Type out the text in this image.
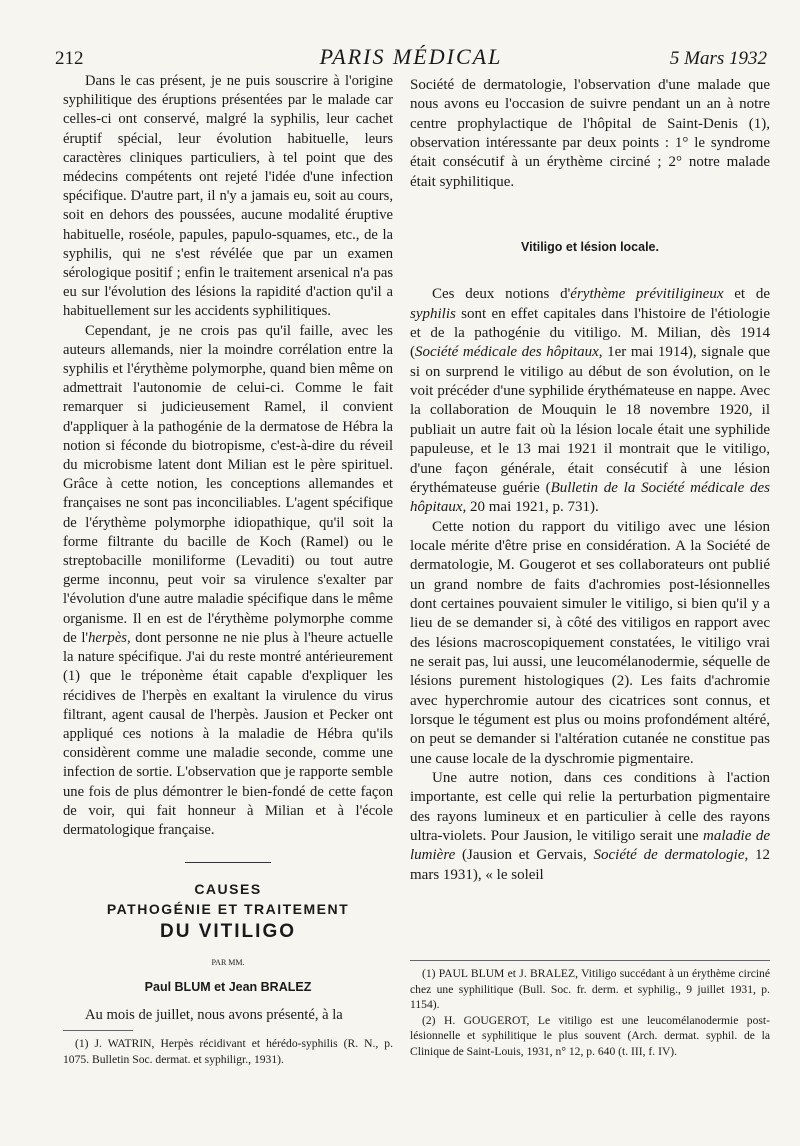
212	PARIS MÉDICAL	5 Mars 1932

Dans le cas présent, je ne puis souscrire à l'origine syphilitique des éruptions présentées par le malade car celles-ci ont conservé, malgré la syphilis, leur cachet éruptif spécial, leur évolution habituelle, leurs caractères cliniques particuliers, à tel point que des médecins compétents ont rejeté l'idée d'une infection spécifique. D'autre part, il n'y a jamais eu, soit au cours, soit en dehors des poussées, aucune modalité éruptive habituelle, roséole, papules, papulo-squames, etc., de la syphilis, qui ne s'est révélée que par un examen sérologique positif ; enfin le traitement arsenical n'a pas eu sur l'évolution des lésions la rapidité d'action qu'il a habituellement sur les accidents syphilitiques.

Cependant, je ne crois pas qu'il faille, avec les auteurs allemands, nier la moindre corrélation entre la syphilis et l'érythème polymorphe, quand bien même on admettrait l'autonomie de celui-ci. Comme le fait remarquer si judicieusement Ramel, il convient d'appliquer à la pathogénie de la dermatose de Hébra la notion si féconde du biotropisme, c'est-à-dire du réveil du microbisme latent dont Milian est le père spirituel. Grâce à cette notion, les conceptions allemandes et françaises ne sont pas inconciliables. L'agent spécifique de l'érythème polymorphe idiopathique, qu'il soit la forme filtrante du bacille de Koch (Ramel) ou le streptobacille moniliforme (Levaditi) ou tout autre germe inconnu, peut voir sa virulence s'exalter par l'évolution d'une autre maladie spécifique dans le même organisme. Il en est de l'érythème polymorphe comme de l'herpès, dont personne ne nie plus à l'heure actuelle la nature spécifique. J'ai du reste montré antérieurement (1) que le tréponème était capable d'expliquer les récidives de l'herpès en exaltant la virulence du virus filtrant, agent causal de l'herpès. Jausion et Pecker ont appliqué ces notions à la maladie de Hébra qu'ils considèrent comme une maladie seconde, comme une infection de sortie. L'observation que je rapporte semble une fois de plus démontrer le bien-fondé de cette façon de voir, qui fait honneur à Milian et à l'école dermatologique française.

CAUSES
PATHOGÉNIE ET TRAITEMENT
DU VITILIGO
PAR MM.
Paul BLUM et Jean BRALEZ

Au mois de juillet, nous avons présenté, à la

(1) J. WATRIN, Herpès récidivant et hérédo-syphilis (R. N., p. 1075. Bulletin Soc. dermat. et syphiligr., 1931).

Société de dermatologie, l'observation d'une malade que nous avons eu l'occasion de suivre pendant un an à notre centre prophylactique de l'hôpital de Saint-Denis (1), observation intéressante par deux points : 1° le syndrome était consécutif à un érythème circiné ; 2° notre malade était syphilitique.

Vitiligo et lésion locale.

Ces deux notions d'érythème prévitiligineux et de syphilis sont en effet capitales dans l'histoire de l'étiologie et de la pathogénie du vitiligo. M. Milian, dès 1914 (Société médicale des hôpitaux, 1er mai 1914), signale que si on surprend le vitiligo au début de son évolution, on le voit précéder d'une syphilide érythémateuse en nappe. Avec la collaboration de Mouquin le 18 novembre 1920, il publiait un autre fait où la lésion locale était une syphilide papuleuse, et le 13 mai 1921 il montrait que le vitiligo, d'une façon générale, était consécutif à une lésion érythémateuse guérie (Bulletin de la Société médicale des hôpitaux, 20 mai 1921, p. 731).

Cette notion du rapport du vitiligo avec une lésion locale mérite d'être prise en considération. A la Société de dermatologie, M. Gougerot et ses collaborateurs ont publié un grand nombre de faits d'achromies post-lésionnelles dont certaines pouvaient simuler le vitiligo, si bien qu'il y a lieu de se demander si, à côté des vitiligos en rapport avec des lésions macroscopiquement constatées, le vitiligo vrai ne serait pas, lui aussi, une leucomélanodermie, séquelle de lésions purement histologiques (2). Les faits d'achromie avec hyperchromie autour des cicatrices sont connus, et lorsque le tégument est plus ou moins profondément altéré, on peut se demander si l'altération cutanée ne constitue pas une cause locale de la dyschromie pigmentaire.

Une autre notion, dans ces conditions à l'action importante, est celle qui relie la perturbation pigmentaire des rayons lumineux et en particulier à celle des rayons ultra-violets. Pour Jausion, le vitiligo serait une maladie de lumière (Jausion et Gervais, Société de dermatologie, 12 mars 1931), « le soleil

(1) PAUL BLUM et J. BRALEZ, Vitiligo succédant à un érythème circiné chez une syphilitique (Bull. Soc. fr. derm. et syphilig., 9 juillet 1931, p. 1154).
(2) H. GOUGEROT, Le vitiligo est une leucomélanodermie post-lésionnelle et syphilitique le plus souvent (Arch. dermat. syphil. de la Clinique de Saint-Louis, 1931, n° 12, p. 640 (t. III, f. IV).
